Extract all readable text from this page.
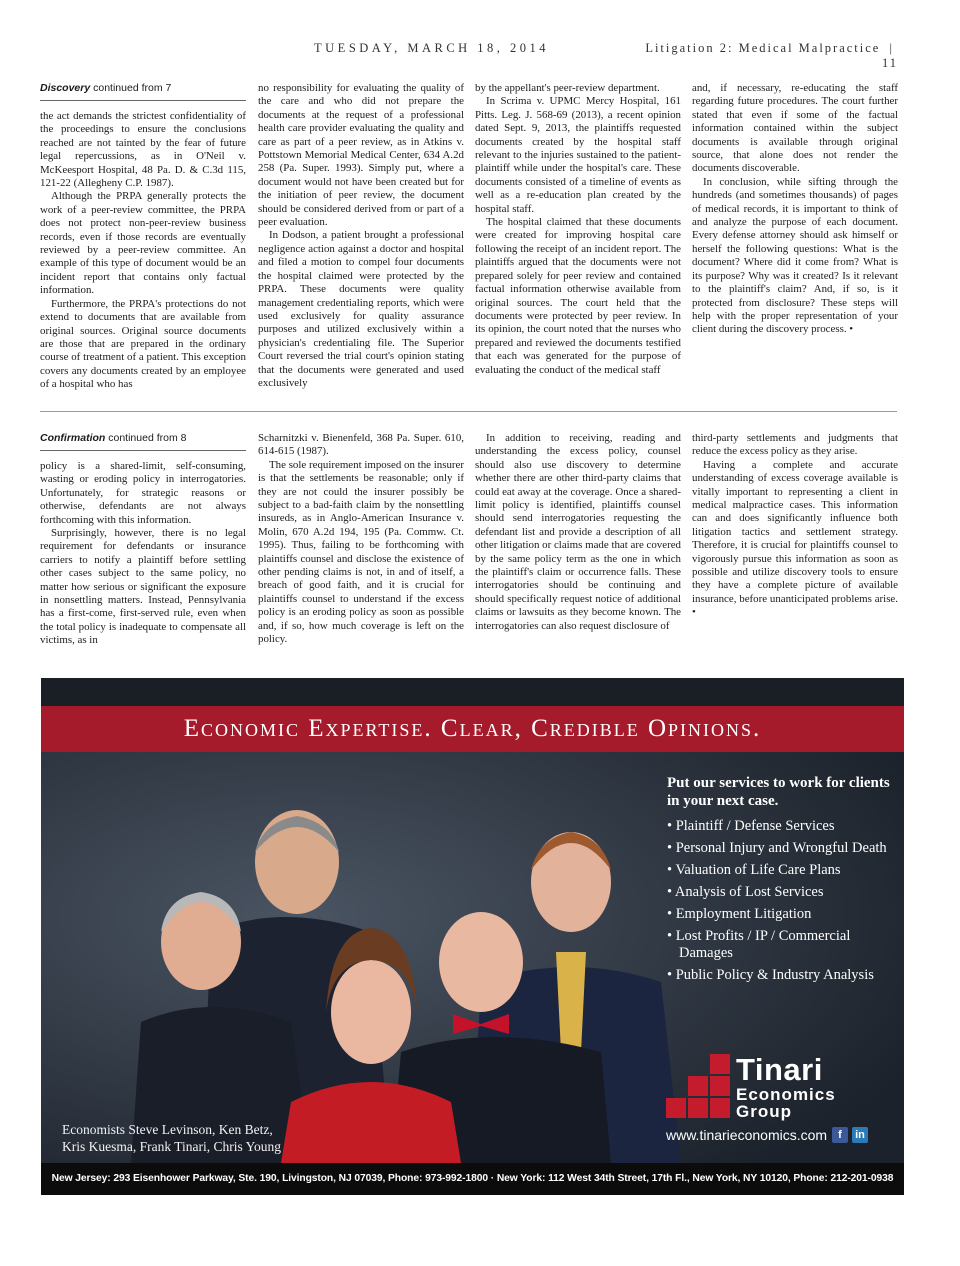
TUESDAY, MARCH 18, 2014	Litigation 2: Medical Malpractice | 11
Discovery continued from 7

the act demands the strictest confidentiality of the proceedings to ensure the conclusions reached are not tainted by the fear of future legal repercussions, as in O'Neil v. McKeesport Hospital, 48 Pa. D. & C.3d 115, 121-22 (Allegheny C.P. 1987).

Although the PRPA generally protects the work of a peer-review committee, the PRPA does not protect non-peer-review business records, even if those records are eventually reviewed by a peer-review committee. An example of this type of document would be an incident report that contains only factual information.

Furthermore, the PRPA's protections do not extend to documents that are available from original sources. Original source documents are those that are prepared in the ordinary course of treatment of a patient. This exception covers any documents created by an employee of a hospital who has

no responsibility for evaluating the quality of the care and who did not prepare the documents at the request of a professional health care provider evaluating the quality and care as part of a peer review, as in Atkins v. Pottstown Memorial Medical Center, 634 A.2d 258 (Pa. Super. 1993). Simply put, where a document would not have been created but for the initiation of peer review, the document should be considered derived from or part of a peer evaluation.

In Dodson, a patient brought a professional negligence action against a doctor and hospital and filed a motion to compel four documents the hospital claimed were protected by the PRPA. These documents were quality management credentialing reports, which were used exclusively for quality assurance purposes and utilized exclusively within a physician's credentialing file. The Superior Court reversed the trial court's opinion stating that the documents were generated and used exclusively

by the appellant's peer-review department.

In Scrima v. UPMC Mercy Hospital, 161 Pitts. Leg. J. 568-69 (2013), a recent opinion dated Sept. 9, 2013, the plaintiffs requested documents created by the hospital staff relevant to the injuries sustained to the patient-plaintiff while under the hospital's care. These documents consisted of a timeline of events as well as a re-education plan created by the hospital staff.

The hospital claimed that these documents were created for improving hospital care following the receipt of an incident report. The plaintiffs argued that the documents were not prepared solely for peer review and contained factual information otherwise available from original sources. The court held that the documents were protected by peer review. In its opinion, the court noted that the nurses who prepared and reviewed the documents testified that each was generated for the purpose of evaluating the conduct of the medical staff

and, if necessary, re-educating the staff regarding future procedures. The court further stated that even if some of the factual information contained within the subject documents is available through original source, that alone does not render the documents discoverable.

In conclusion, while sifting through the hundreds (and sometimes thousands) of pages of medical records, it is important to think of and analyze the purpose of each document. Every defense attorney should ask himself or herself the following questions: What is the document? Where did it come from? What is its purpose? Why was it created? Is it relevant to the plaintiff's claim? And, if so, is it protected from disclosure? These steps will help with the proper representation of your client during the discovery process. •

Confirmation continued from 8

policy is a shared-limit, self-consuming, wasting or eroding policy in interrogatories. Unfortunately, for strategic reasons or otherwise, defendants are not always forthcoming with this information.

Surprisingly, however, there is no legal requirement for defendants or insurance carriers to notify a plaintiff before settling other cases subject to the same policy, no matter how serious or significant the exposure in nonsettling matters. Instead, Pennsylvania has a first-come, first-served rule, even when the total policy is inadequate to compensate all victims, as in

Scharnitzki v. Bienenfeld, 368 Pa. Super. 610, 614-615 (1987).

The sole requirement imposed on the insurer is that the settlements be reasonable; only if they are not could the insurer possibly be subject to a bad-faith claim by the nonsettling insureds, as in Anglo-American Insurance v. Molin, 670 A.2d 194, 195 (Pa. Commw. Ct. 1995). Thus, failing to be forthcoming with plaintiffs counsel and disclose the existence of other pending claims is not, in and of itself, a breach of good faith, and it is crucial for plaintiffs counsel to understand if the excess policy is an eroding policy as soon as possible and, if so, how much coverage is left on the policy.

In addition to receiving, reading and understanding the excess policy, counsel should also use discovery to determine whether there are other third-party claims that could eat away at the coverage. Once a shared-limit policy is identified, plaintiffs counsel should send interrogatories requesting the defendant list and provide a description of all other litigation or claims made that are covered by the same policy term as the one in which the plaintiff's claim or occurrence falls. These interrogatories should be continuing and should specifically request notice of additional claims or lawsuits as they become known. The interrogatories can also request disclosure of

third-party settlements and judgments that reduce the excess policy as they arise.

Having a complete and accurate understanding of excess coverage available is vitally important to representing a client in medical malpractice cases. This information can and does significantly influence both litigation tactics and settlement strategy. Therefore, it is crucial for plaintiffs counsel to vigorously pursue this information as soon as possible and utilize discovery tools to ensure they have a complete picture of available insurance, before unanticipated problems arise. •

Economic Expertise. Clear, Credible Opinions.
Put our services to work for clients in your next case.
• Plaintiff / Defense Services
• Personal Injury and Wrongful Death
• Valuation of Life Care Plans
• Analysis of Lost Services
• Employment Litigation
• Lost Profits / IP / Commercial Damages
• Public Policy & Industry Analysis
Tinari
Economics
Group
www.tinarieconomics.com	f	in
Economists Steve Levinson, Ken Betz,
Kris Kuesma, Frank Tinari, Chris Young
New Jersey: 293 Eisenhower Parkway, Ste. 190, Livingston, NJ 07039, Phone: 973-992-1800 · New York: 112 West 34th Street, 17th Fl., New York, NY 10120, Phone: 212-201-0938
